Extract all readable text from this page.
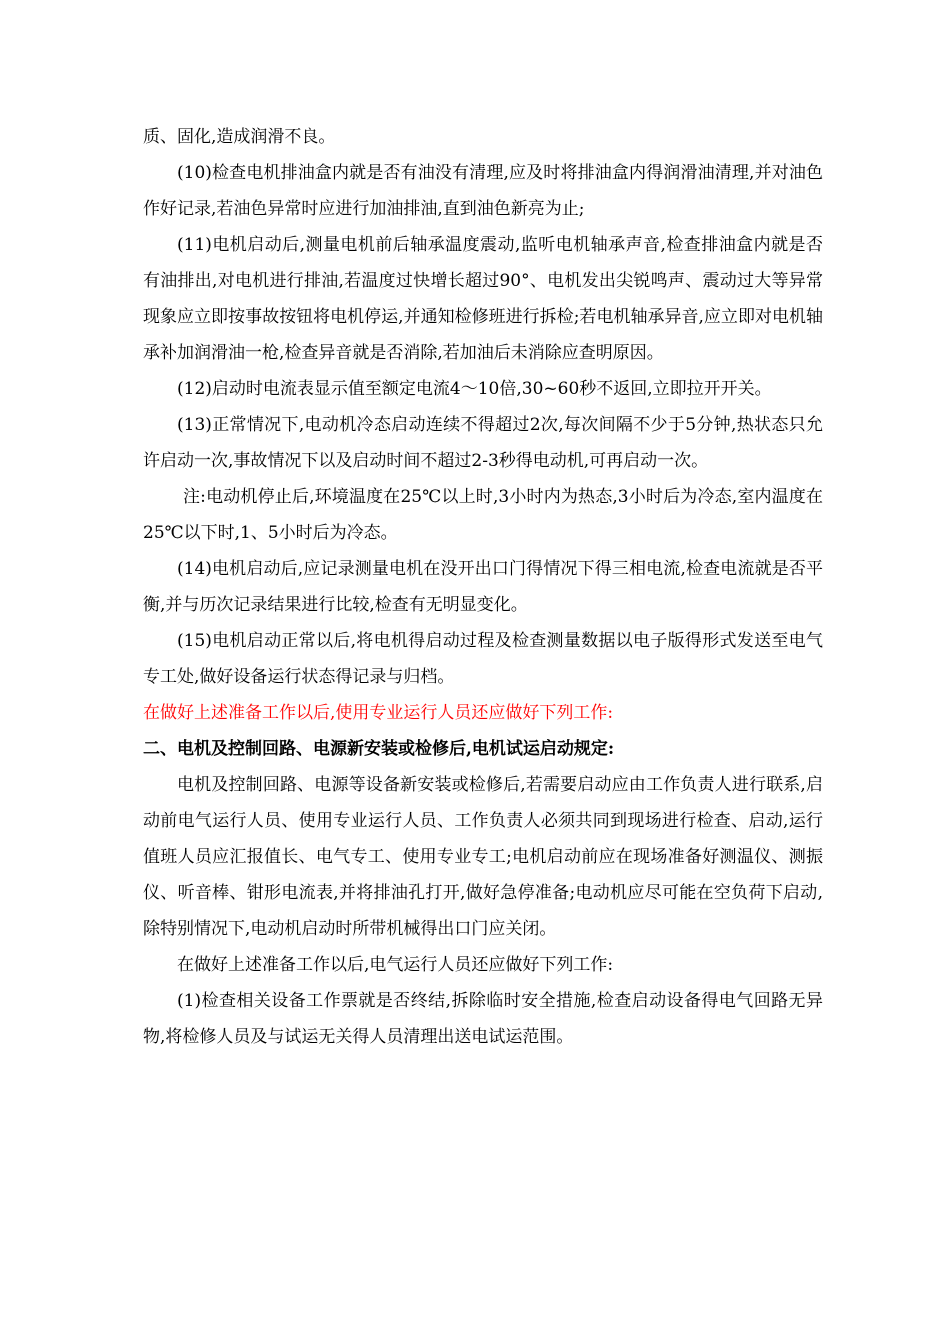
质、固化,造成润滑不良。

(10)检查电机排油盒内就是否有油没有清理,应及时将排油盒内得润滑油清理,并对油色作好记录,若油色异常时应进行加油排油,直到油色新亮为止;

(11)电机启动后,测量电机前后轴承温度震动,监听电机轴承声音,检查排油盒内就是否有油排出,对电机进行排油,若温度过快增长超过90°、电机发出尖锐鸣声、震动过大等异常现象应立即按事故按钮将电机停运,并通知检修班进行拆检;若电机轴承异音,应立即对电机轴承补加润滑油一枪,检查异音就是否消除,若加油后未消除应查明原因。

(12)启动时电流表显示值至额定电流4～10倍,30~60秒不返回,立即拉开开关。

(13)正常情况下,电动机冷态启动连续不得超过2次,每次间隔不少于5分钟,热状态只允许启动一次,事故情况下以及启动时间不超过2-3秒得电动机,可再启动一次。

注:电动机停止后,环境温度在25℃以上时,3小时内为热态,3小时后为冷态,室内温度在25℃以下时,1、5小时后为冷态。

(14)电机启动后,应记录测量电机在没开出口门得情况下得三相电流,检查电流就是否平衡,并与历次记录结果进行比较,检查有无明显变化。

(15)电机启动正常以后,将电机得启动过程及检查测量数据以电子版得形式发送至电气专工处,做好设备运行状态得记录与归档。

在做好上述准备工作以后,使用专业运行人员还应做好下列工作:

二、电机及控制回路、电源新安装或检修后,电机试运启动规定:

电机及控制回路、电源等设备新安装或检修后,若需要启动应由工作负责人进行联系,启动前电气运行人员、使用专业运行人员、工作负责人必须共同到现场进行检查、启动,运行值班人员应汇报值长、电气专工、使用专业专工;电机启动前应在现场准备好测温仪、测振仪、听音棒、钳形电流表,并将排油孔打开,做好急停准备;电动机应尽可能在空负荷下启动,除特别情况下,电动机启动时所带机械得出口门应关闭。

在做好上述准备工作以后,电气运行人员还应做好下列工作:

(1)检查相关设备工作票就是否终结,拆除临时安全措施,检查启动设备得电气回路无异物,将检修人员及与试运无关得人员清理出送电试运范围。
